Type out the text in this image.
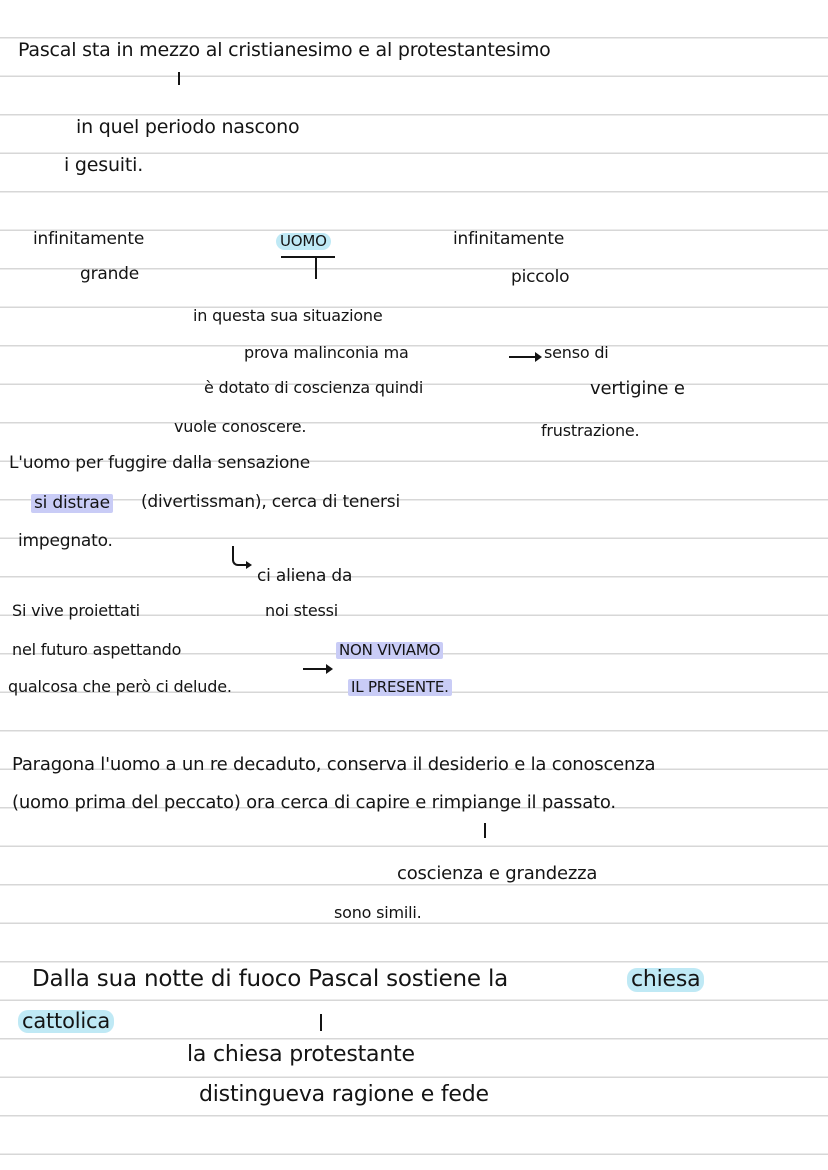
Pascal sta in mezzo al cristianesimo e al protestantesimo
in quel periodo nascono
i gesuiti.
infinitamente
grande
UOMO	infinitamente
piccolo
in questa sua situazione
prova malinconia ma	senso di
è dotato di coscienza quindi	vertigine e
vuole conoscere.	frustrazione.
L'uomo per fuggire dalla sensazione
si distrae (divertissman), cerca di tenersi
impegnato.
ci aliena da
noi stessi
Si vive proiettati
nel futuro aspettando
qualcosa che però ci delude.
NON VIVIAMO
IL PRESENTE.
Paragona l'uomo a un re decaduto, conserva il desiderio e la conoscenza
(uomo prima del peccato) ora cerca di capire e rimpiange il passato.
coscienza e grandezza
sono simili.
Dalla sua notte di fuoco Pascal sostiene la	chiesa
cattolica
la chiesa protestante
distingueva ragione e fede
